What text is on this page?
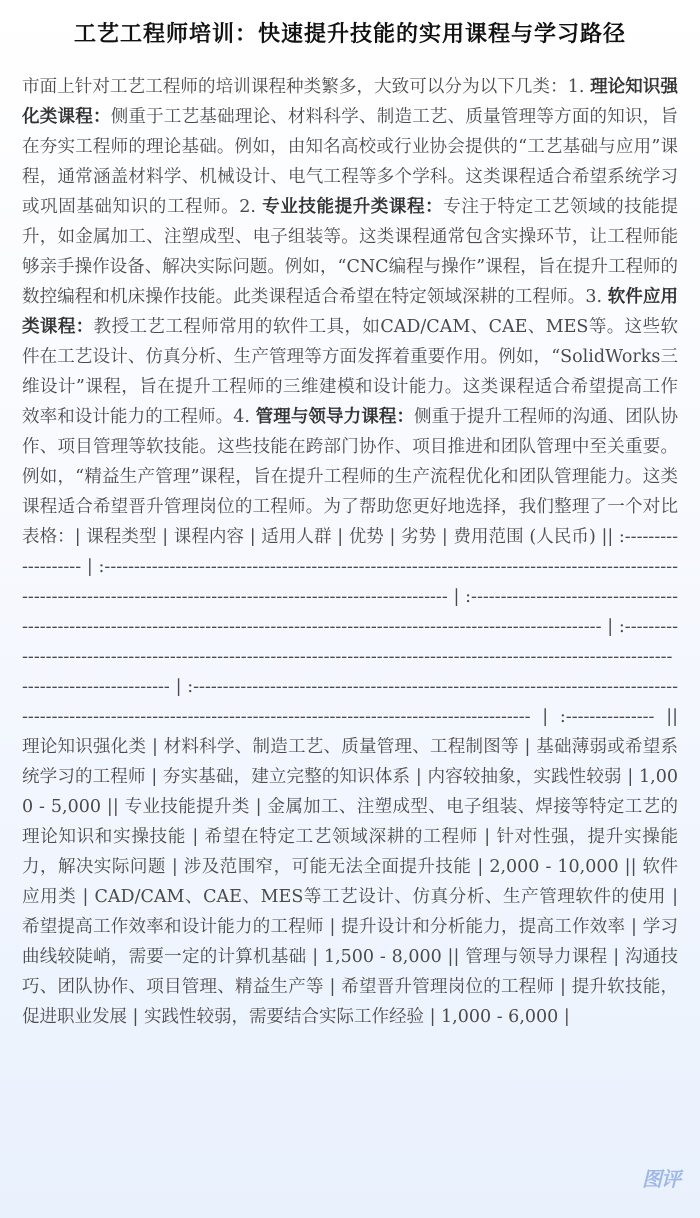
工艺工程师培训：快速提升技能的实用课程与学习路径
市面上针对工艺工程师的培训课程种类繁多，大致可以分为以下几类：1. 理论知识强化类课程：侧重于工艺基础理论、材料科学、制造工艺、质量管理等方面的知识，旨在夯实工程师的理论基础。例如，由知名高校或行业协会提供的“工艺基础与应用”课程，通常涵盖材料学、机械设计、电气工程等多个学科。这类课程适合希望系统学习或巩固基础知识的工程师。2. 专业技能提升类课程：专注于特定工艺领域的技能提升，如金属加工、注塑成型、电子组装等。这类课程通常包含实操环节，让工程师能够亲手操作设备、解决实际问题。例如，“CNC编程与操作”课程，旨在提升工程师的数控编程和机床操作技能。此类课程适合希望在特定领域深耕的工程师。3. 软件应用类课程：教授工艺工程师常用的软件工具，如CAD/CAM、CAE、MES等。这些软件在工艺设计、仿真分析、生产管理等方面发挥着重要作用。例如，“SolidWorks三维设计”课程，旨在提升工程师的三维建模和设计能力。这类课程适合希望提高工作效率和设计能力的工程师。4. 管理与领导力课程：侧重于提升工程师的沟通、团队协作、项目管理等软技能。这些技能在跨部门协作、项目推进和团队管理中至关重要。例如，“精益生产管理”课程，旨在提升工程师的生产流程优化和团队管理能力。这类课程适合希望晋升管理岗位的工程师。为了帮助您更好地选择，我们整理了一个对比表格：| 课程类型 | 课程内容 | 适用人群 | 优势 | 劣势 | 费用范围 (人民币) || :------------------- | :------------------------------------------------------------------------------------------------------------------------------------------------------------------------- | :------------------------------------------------------------------------------------------------------------------------------------- | :------------------------------------------------------------------------------------------------------------------------------------------------ | :------------------------------------------------------------------------------------------------------------------------------------------------------------------------ | :--------------- || 理论知识强化类 | 材料科学、制造工艺、质量管理、工程制图等 | 基础薄弱或希望系统学习的工程师 | 夯实基础，建立完整的知识体系 | 内容较抽象，实践性较弱 | 1,000 - 5,000 || 专业技能提升类 | 金属加工、注塑成型、电子组装、焊接等特定工艺的理论知识和实操技能 | 希望在特定工艺领域深耕的工程师 | 针对性强，提升实操能力，解决实际问题 | 涉及范围窄，可能无法全面提升技能 | 2,000 - 10,000 || 软件应用类 | CAD/CAM、CAE、MES等工艺设计、仿真分析、生产管理软件的使用 | 希望提高工作效率和设计能力的工程师 | 提升设计和分析能力，提高工作效率 | 学习曲线较陡峭，需要一定的计算机基础 | 1,500 - 8,000 || 管理与领导力课程 | 沟通技巧、团队协作、项目管理、精益生产等 | 希望晋升管理岗位的工程师 | 提升软技能，促进职业发展 | 实践性较弱，需要结合实际工作经验 | 1,000 - 6,000 |
图评
